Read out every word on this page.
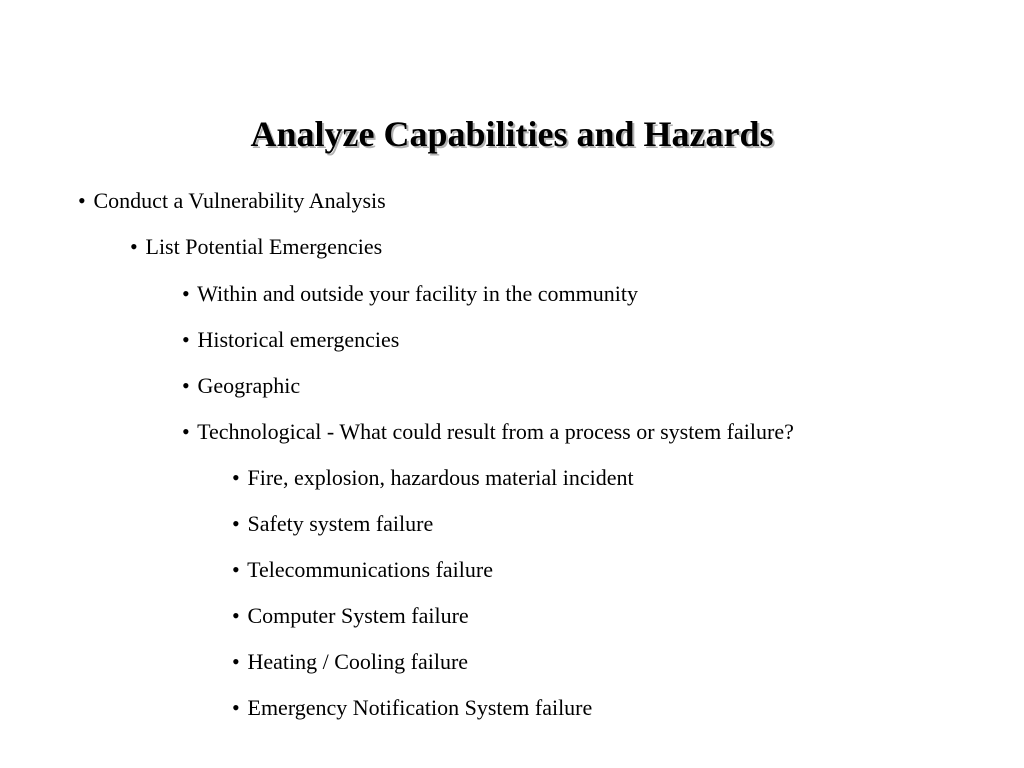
Analyze Capabilities and Hazards
• Conduct a Vulnerability Analysis
• List Potential Emergencies
• Within and outside your facility in the community
• Historical emergencies
• Geographic
• Technological - What could result from a process or system failure?
• Fire, explosion, hazardous material incident
• Safety system failure
• Telecommunications failure
• Computer System failure
• Heating / Cooling failure
• Emergency Notification System failure
